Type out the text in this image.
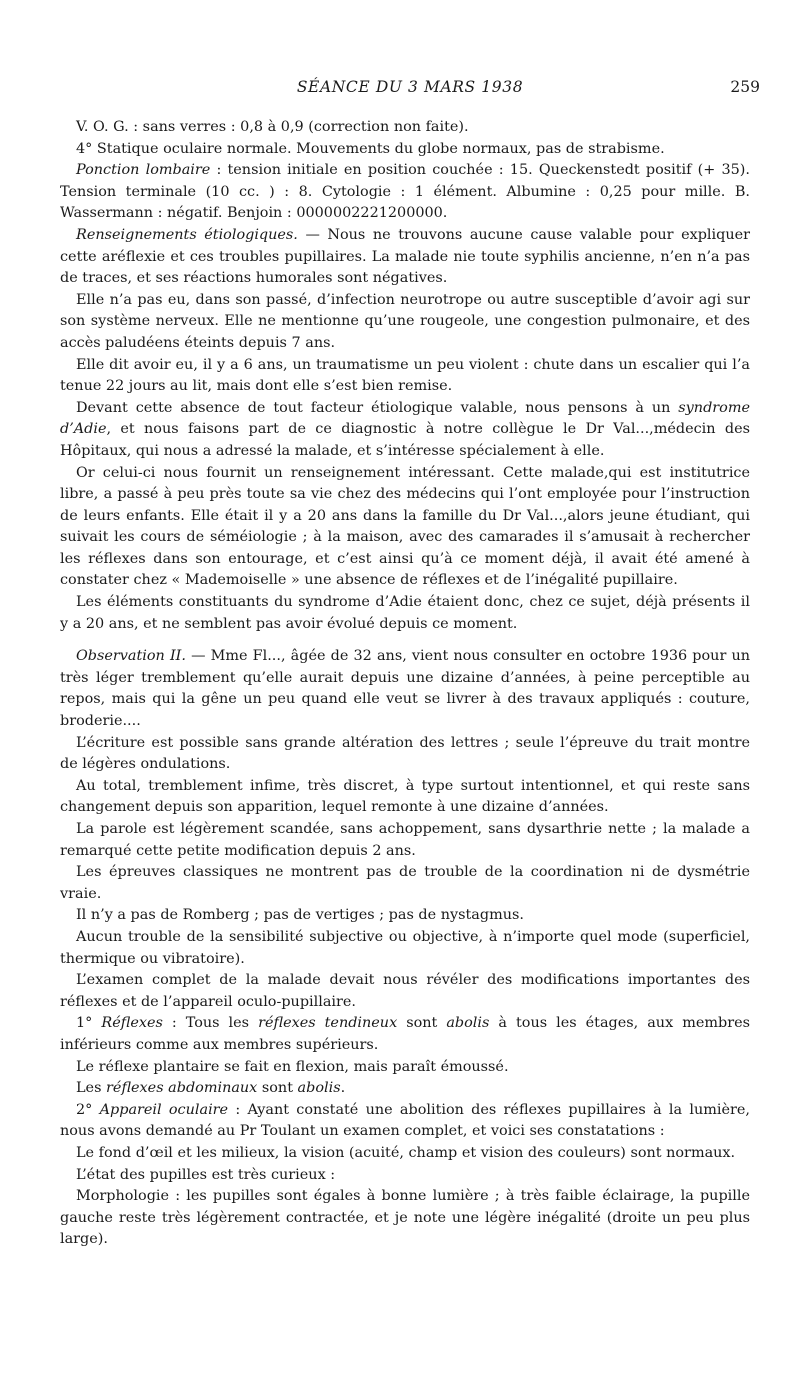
SÉANCE DU 3 MARS 1938	259

V. O. G. : sans verres : 0,8 à 0,9 (correction non faite).

4° Statique oculaire normale. Mouvements du globe normaux, pas de strabisme.

Ponction lombaire : tension initiale en position couchée : 15. Queckenstedt positif (+ 35). Tension terminale (10 cc. ) : 8. Cytologie : 1 élément. Albumine : 0,25 pour mille. B. Wassermann : négatif. Benjoin : 0000002221200000.

Renseignements étiologiques. — Nous ne trouvons aucune cause valable pour expliquer cette aréflexie et ces troubles pupillaires. La malade nie toute syphilis ancienne, n’en n’a pas de traces, et ses réactions humorales sont négatives.

Elle n’a pas eu, dans son passé, d’infection neurotrope ou autre susceptible d’avoir agi sur son système nerveux. Elle ne mentionne qu’une rougeole, une congestion pulmonaire, et des accès paludéens éteints depuis 7 ans.

Elle dit avoir eu, il y a 6 ans, un traumatisme un peu violent : chute dans un escalier qui l’a tenue 22 jours au lit, mais dont elle s’est bien remise.

Devant cette absence de tout facteur étiologique valable, nous pensons à un syndrome d’Adie, et nous faisons part de ce diagnostic à notre collègue le Dr Val...,médecin des Hôpitaux, qui nous a adressé la malade, et s’intéresse spécialement à elle.

Or celui-ci nous fournit un renseignement intéressant. Cette malade,qui est institutrice libre, a passé à peu près toute sa vie chez des médecins qui l’ont employée pour l’instruction de leurs enfants. Elle était il y a 20 ans dans la famille du Dr Val...,alors jeune étudiant, qui suivait les cours de séméiologie ; à la maison, avec des camarades il s’amusait à rechercher les réflexes dans son entourage, et c’est ainsi qu’à ce moment déjà, il avait été amené à constater chez « Mademoiselle » une absence de réflexes et de l’inégalité pupillaire.

Les éléments constituants du syndrome d’Adie étaient donc, chez ce sujet, déjà présents il y a 20 ans, et ne semblent pas avoir évolué depuis ce moment.

Observation II. — Mme Fl..., âgée de 32 ans, vient nous consulter en octobre 1936 pour un très léger tremblement qu’elle aurait depuis une dizaine d’années, à peine perceptible au repos, mais qui la gêne un peu quand elle veut se livrer à des travaux appliqués : couture, broderie....

L’écriture est possible sans grande altération des lettres ; seule l’épreuve du trait montre de légères ondulations.

Au total, tremblement infime, très discret, à type surtout intentionnel, et qui reste sans changement depuis son apparition, lequel remonte à une dizaine d’années.

La parole est légèrement scandée, sans achoppement, sans dysarthrie nette ; la malade a remarqué cette petite modification depuis 2 ans.

Les épreuves classiques ne montrent pas de trouble de la coordination ni de dysmétrie vraie.

Il n’y a pas de Romberg ; pas de vertiges ; pas de nystagmus.

Aucun trouble de la sensibilité subjective ou objective, à n’importe quel mode (superficiel, thermique ou vibratoire).

L’examen complet de la malade devait nous révéler des modifications importantes des réflexes et de l’appareil oculo-pupillaire.

1° Réflexes : Tous les réflexes tendineux sont abolis à tous les étages, aux membres inférieurs comme aux membres supérieurs.

Le réflexe plantaire se fait en flexion, mais paraît émoussé.

Les réflexes abdominaux sont abolis.

2° Appareil oculaire : Ayant constaté une abolition des réflexes pupillaires à la lumière, nous avons demandé au Pr Toulant un examen complet, et voici ses constatations :

Le fond d’œil et les milieux, la vision (acuité, champ et vision des couleurs) sont normaux.

L’état des pupilles est très curieux :

Morphologie : les pupilles sont égales à bonne lumière ; à très faible éclairage, la pupille gauche reste très légèrement contractée, et je note une légère inégalité (droite un peu plus large).
